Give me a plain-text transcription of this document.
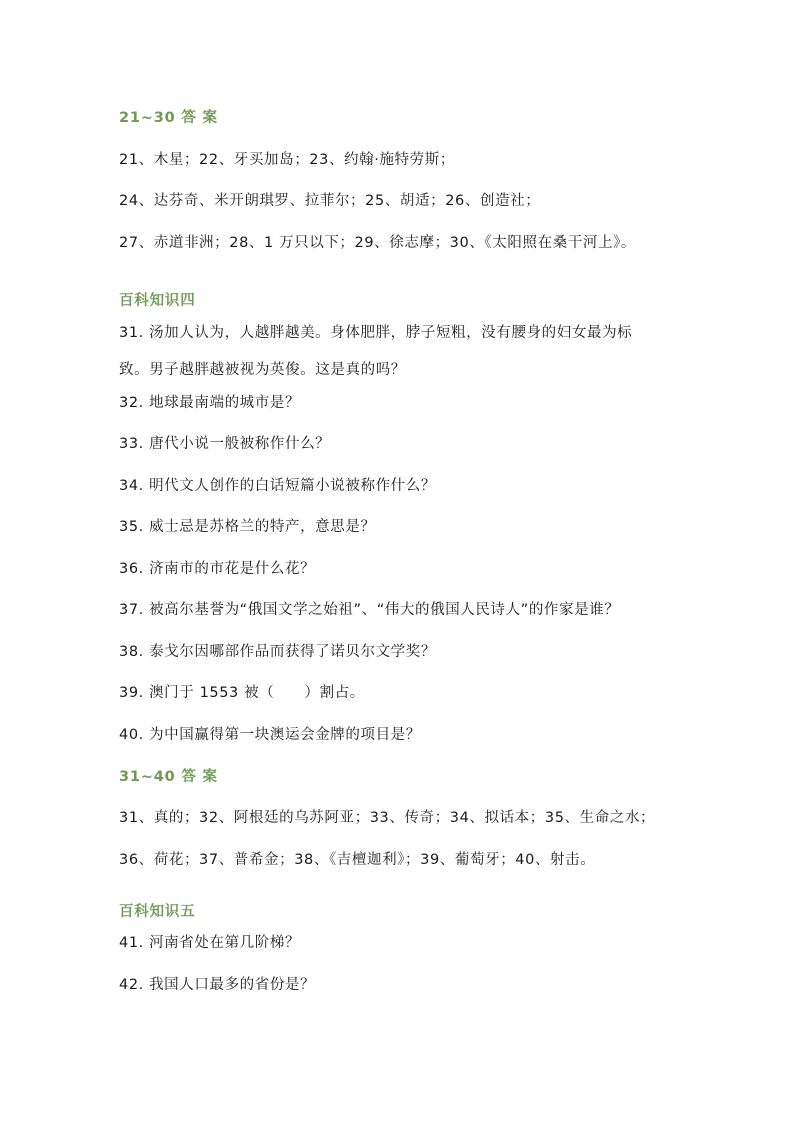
21~30 答 案
21、木星；22、牙买加岛；23、约翰·施特劳斯；
24、达芬奇、米开朗琪罗、拉菲尔；25、胡适；26、创造社；
27、赤道非洲；28、1 万只以下；29、徐志摩；30、《太阳照在桑干河上》。
百科知识四
31. 汤加人认为，人越胖越美。身体肥胖，脖子短粗，没有腰身的妇女最为标
致。男子越胖越被视为英俊。这是真的吗？
32. 地球最南端的城市是？
33. 唐代小说一般被称作什么？
34. 明代文人创作的白话短篇小说被称作什么？
35. 威士忌是苏格兰的特产，意思是？
36. 济南市的市花是什么花？
37. 被高尔基誉为“俄国文学之始祖”、“伟大的俄国人民诗人”的作家是谁？
38. 泰戈尔因哪部作品而获得了诺贝尔文学奖？
39. 澳门于 1553 被（　　）割占。
40. 为中国赢得第一块澳运会金牌的项目是？
31~40 答 案
31、真的；32、阿根廷的乌苏阿亚；33、传奇；34、拟话本；35、生命之水；
36、荷花；37、普希金；38、《吉檀迦利》；39、葡萄牙；40、射击。
百科知识五
41. 河南省处在第几阶梯？
42. 我国人口最多的省份是？
